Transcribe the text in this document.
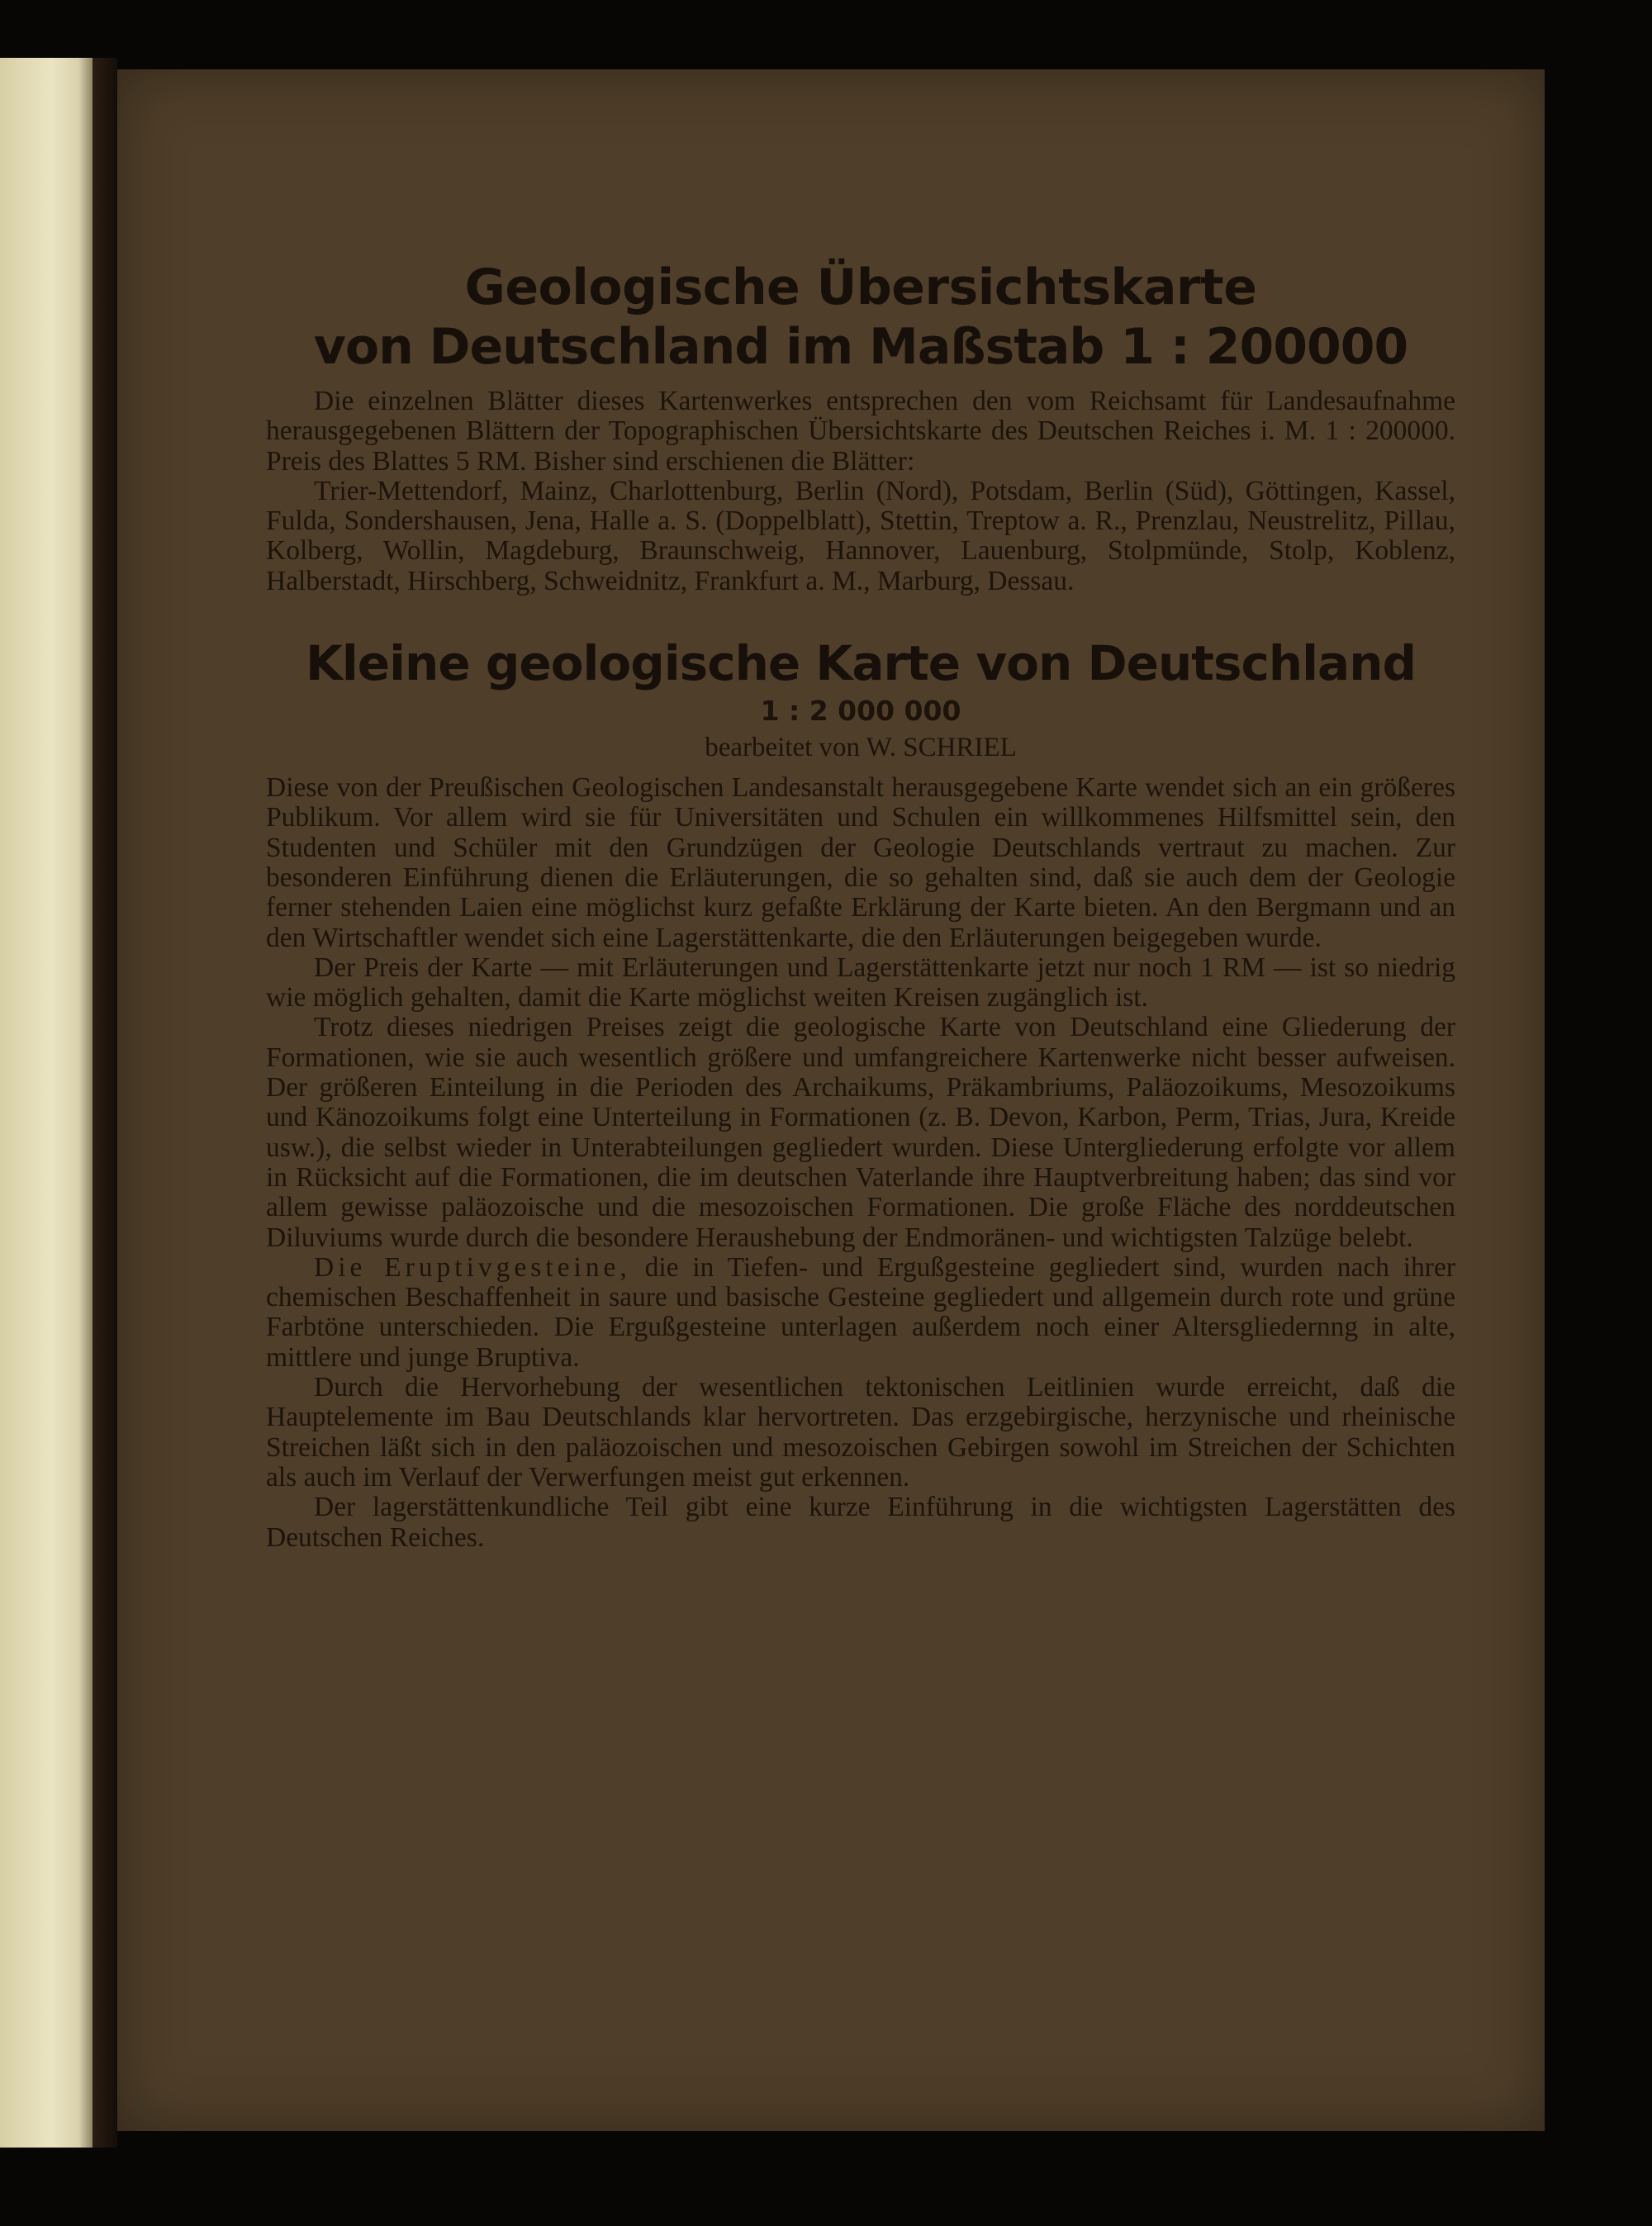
Geologische Übersichtskarte
von Deutschland im Maßstab 1 : 200000

Die einzelnen Blätter dieses Kartenwerkes entsprechen den vom Reichsamt für Landesaufnahme herausgegebenen Blättern der Topographischen Übersichtskarte des Deutschen Reiches i. M. 1 : 200000. Preis des Blattes 5 RM. Bisher sind erschienen die Blätter:

Trier-Mettendorf, Mainz, Charlottenburg, Berlin (Nord), Potsdam, Berlin (Süd), Göttingen, Kassel, Fulda, Sondershausen, Jena, Halle a. S. (Doppelblatt), Stettin, Treptow a. R., Prenzlau, Neustrelitz, Pillau, Kolberg, Wollin, Magdeburg, Braunschweig, Hannover, Lauenburg, Stolpmünde, Stolp, Koblenz, Halberstadt, Hirschberg, Schweidnitz, Frankfurt a. M., Marburg, Dessau.

Kleine geologische Karte von Deutschland
1 : 2 000 000
bearbeitet von W. SCHRIEL

Diese von der Preußischen Geologischen Landesanstalt herausgegebene Karte wendet sich an ein größeres Publikum. Vor allem wird sie für Universitäten und Schulen ein willkommenes Hilfsmittel sein, den Studenten und Schüler mit den Grundzügen der Geologie Deutschlands vertraut zu machen. Zur besonderen Einführung dienen die Erläuterungen, die so gehalten sind, daß sie auch dem der Geologie ferner stehenden Laien eine möglichst kurz gefaßte Erklärung der Karte bieten. An den Bergmann und an den Wirtschaftler wendet sich eine Lagerstättenkarte, die den Erläuterungen beigegeben wurde.

Der Preis der Karte — mit Erläuterungen und Lagerstättenkarte jetzt nur noch 1 RM — ist so niedrig wie möglich gehalten, damit die Karte möglichst weiten Kreisen zugänglich ist.

Trotz dieses niedrigen Preises zeigt die geologische Karte von Deutschland eine Gliederung der Formationen, wie sie auch wesentlich größere und umfangreichere Kartenwerke nicht besser aufweisen. Der größeren Einteilung in die Perioden des Archaikums, Präkambriums, Paläozoikums, Mesozoikums und Känozoikums folgt eine Unterteilung in Formationen (z. B. Devon, Karbon, Perm, Trias, Jura, Kreide usw.), die selbst wieder in Unterabteilungen gegliedert wurden. Diese Untergliederung erfolgte vor allem in Rücksicht auf die Formationen, die im deutschen Vaterlande ihre Hauptverbreitung haben; das sind vor allem gewisse paläozoische und die mesozoischen Formationen. Die große Fläche des norddeutschen Diluviums wurde durch die besondere Heraushebung der Endmoränen- und wichtigsten Talzüge belebt.

Die Eruptivgesteine, die in Tiefen- und Ergußgesteine gegliedert sind, wurden nach ihrer chemischen Beschaffenheit in saure und basische Gesteine gegliedert und allgemein durch rote und grüne Farbtöne unterschieden. Die Ergußgesteine unterlagen außerdem noch einer Altersgliedernng in alte, mittlere und junge Bruptiva.

Durch die Hervorhebung der wesentlichen tektonischen Leitlinien wurde erreicht, daß die Hauptelemente im Bau Deutschlands klar hervortreten. Das erzgebirgische, herzynische und rheinische Streichen läßt sich in den paläozoischen und mesozoischen Gebirgen sowohl im Streichen der Schichten als auch im Verlauf der Verwerfungen meist gut erkennen.

Der lagerstättenkundliche Teil gibt eine kurze Einführung in die wichtigsten Lagerstätten des Deutschen Reiches.
